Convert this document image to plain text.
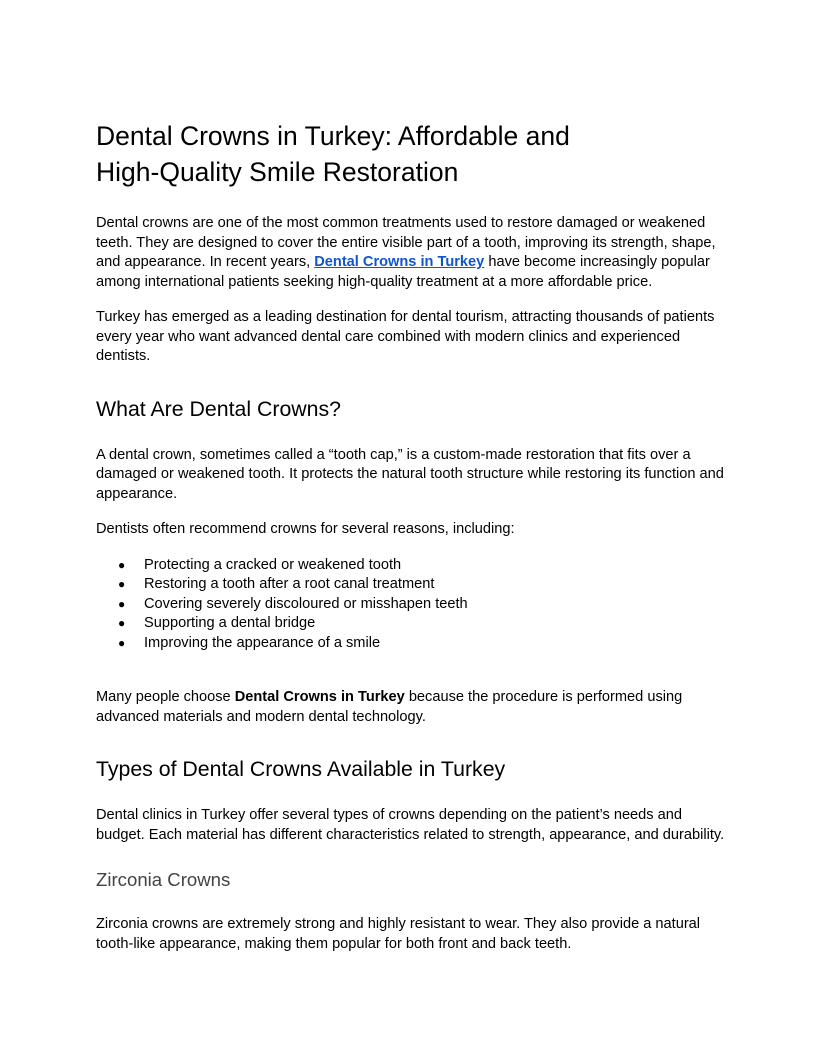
Dental Crowns in Turkey: Affordable and
High-Quality Smile Restoration

Dental crowns are one of the most common treatments used to restore damaged or weakened teeth. They are designed to cover the entire visible part of a tooth, improving its strength, shape, and appearance. In recent years, Dental Crowns in Turkey have become increasingly popular among international patients seeking high-quality treatment at a more affordable price.

Turkey has emerged as a leading destination for dental tourism, attracting thousands of patients every year who want advanced dental care combined with modern clinics and experienced dentists.

What Are Dental Crowns?

A dental crown, sometimes called a “tooth cap,” is a custom-made restoration that fits over a damaged or weakened tooth. It protects the natural tooth structure while restoring its function and appearance.

Dentists often recommend crowns for several reasons, including:

● Protecting a cracked or weakened tooth
● Restoring a tooth after a root canal treatment
● Covering severely discoloured or misshapen teeth
● Supporting a dental bridge
● Improving the appearance of a smile

Many people choose Dental Crowns in Turkey because the procedure is performed using advanced materials and modern dental technology.

Types of Dental Crowns Available in Turkey

Dental clinics in Turkey offer several types of crowns depending on the patient’s needs and budget. Each material has different characteristics related to strength, appearance, and durability.

Zirconia Crowns

Zirconia crowns are extremely strong and highly resistant to wear. They also provide a natural tooth-like appearance, making them popular for both front and back teeth.
